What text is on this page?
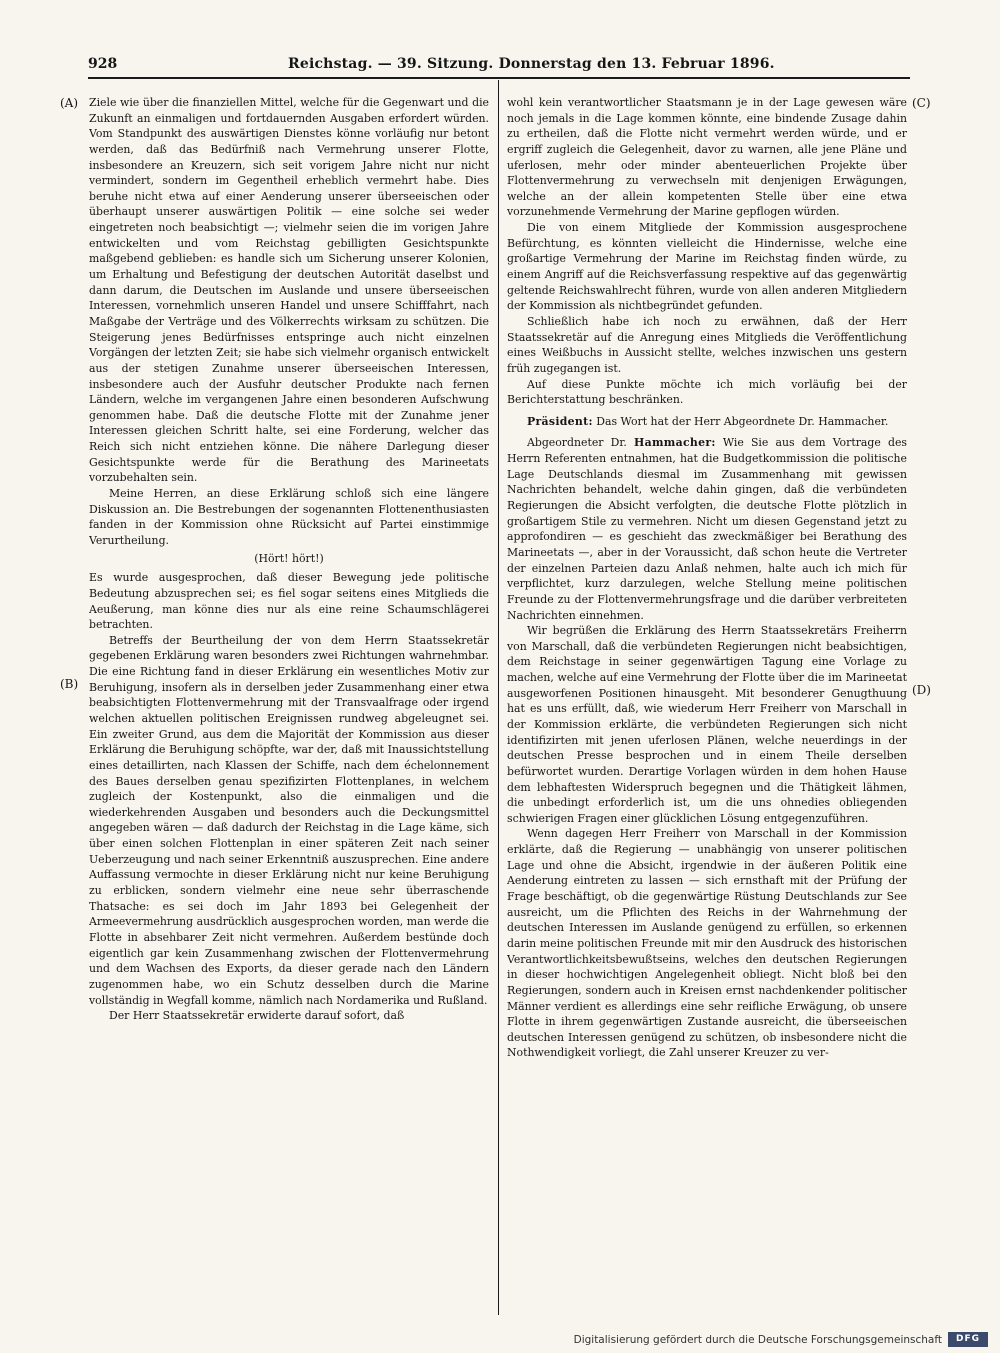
928	Reichstag. — 39. Sitzung. Donnerstag den 13. Februar 1896.
(A)
(B)
(C)
(D)

Ziele wie über die finanziellen Mittel, welche für die Gegenwart und die Zukunft an einmaligen und fortdauernden Ausgaben erfordert würden. Vom Standpunkt des auswärtigen Dienstes könne vorläufig nur betont werden, daß das Bedürfniß nach Vermehrung unserer Flotte, insbesondere an Kreuzern, sich seit vorigem Jahre nicht nur nicht vermindert, sondern im Gegentheil erheblich vermehrt habe. Dies beruhe nicht etwa auf einer Aenderung unserer überseeischen oder überhaupt unserer auswärtigen Politik — eine solche sei weder eingetreten noch beabsichtigt —; vielmehr seien die im vorigen Jahre entwickelten und vom Reichstag gebilligten Gesichtspunkte maßgebend geblieben: es handle sich um Sicherung unserer Kolonien, um Erhaltung und Befestigung der deutschen Autorität daselbst und dann darum, die Deutschen im Auslande und unsere überseeischen Interessen, vornehmlich unseren Handel und unsere Schifffahrt, nach Maßgabe der Verträge und des Völkerrechts wirksam zu schützen. Die Steigerung jenes Bedürfnisses entspringe auch nicht einzelnen Vorgängen der letzten Zeit; sie habe sich vielmehr organisch entwickelt aus der stetigen Zunahme unserer überseeischen Interessen, insbesondere auch der Ausfuhr deutscher Produkte nach fernen Ländern, welche im vergangenen Jahre einen besonderen Aufschwung genommen habe. Daß die deutsche Flotte mit der Zunahme jener Interessen gleichen Schritt halte, sei eine Forderung, welcher das Reich sich nicht entziehen könne. Die nähere Darlegung dieser Gesichtspunkte werde für die Berathung des Marineetats vorzubehalten sein.

Meine Herren, an diese Erklärung schloß sich eine längere Diskussion an. Die Bestrebungen der sogenannten Flottenenthusiasten fanden in der Kommission ohne Rücksicht auf Partei einstimmige Verurtheilung.

(Hört! hört!)

Es wurde ausgesprochen, daß dieser Bewegung jede politische Bedeutung abzusprechen sei; es fiel sogar seitens eines Mitglieds die Aeußerung, man könne dies nur als eine reine Schaumschlägerei betrachten.

Betreffs der Beurtheilung der von dem Herrn Staatssekretär gegebenen Erklärung waren besonders zwei Richtungen wahrnehmbar. Die eine Richtung fand in dieser Erklärung ein wesentliches Motiv zur Beruhigung, insofern als in derselben jeder Zusammenhang einer etwa beabsichtigten Flottenvermehrung mit der Transvaalfrage oder irgend welchen aktuellen politischen Ereignissen rundweg abgeleugnet sei. Ein zweiter Grund, aus dem die Majorität der Kommission aus dieser Erklärung die Beruhigung schöpfte, war der, daß mit Inaussichtstellung eines detaillirten, nach Klassen der Schiffe, nach dem échelonnement des Baues derselben genau spezifizirten Flottenplanes, in welchem zugleich der Kostenpunkt, also die einmaligen und die wiederkehrenden Ausgaben und besonders auch die Deckungsmittel angegeben wären — daß dadurch der Reichstag in die Lage käme, sich über einen solchen Flottenplan in einer späteren Zeit nach seiner Ueberzeugung und nach seiner Erkenntniß auszusprechen. Eine andere Auffassung vermochte in dieser Erklärung nicht nur keine Beruhigung zu erblicken, sondern vielmehr eine neue sehr überraschende Thatsache: es sei doch im Jahr 1893 bei Gelegenheit der Armeevermehrung ausdrücklich ausgesprochen worden, man werde die Flotte in absehbarer Zeit nicht vermehren. Außerdem bestünde doch eigentlich gar kein Zusammenhang zwischen der Flottenvermehrung und dem Wachsen des Exports, da dieser gerade nach den Ländern zugenommen habe, wo ein Schutz desselben durch die Marine vollständig in Wegfall komme, nämlich nach Nordamerika und Rußland.

Der Herr Staatssekretär erwiderte darauf sofort, daß

wohl kein verantwortlicher Staatsmann je in der Lage gewesen wäre noch jemals in die Lage kommen könnte, eine bindende Zusage dahin zu ertheilen, daß die Flotte nicht vermehrt werden würde, und er ergriff zugleich die Gelegenheit, davor zu warnen, alle jene Pläne und uferlosen, mehr oder minder abenteuerlichen Projekte über Flottenvermehrung zu verwechseln mit denjenigen Erwägungen, welche an der allein kompetenten Stelle über eine etwa vorzunehmende Vermehrung der Marine gepflogen würden.

Die von einem Mitgliede der Kommission ausgesprochene Befürchtung, es könnten vielleicht die Hindernisse, welche eine großartige Vermehrung der Marine im Reichstag finden würde, zu einem Angriff auf die Reichsverfassung respektive auf das gegenwärtig geltende Reichswahlrecht führen, wurde von allen anderen Mitgliedern der Kommission als nichtbegründet gefunden.

Schließlich habe ich noch zu erwähnen, daß der Herr Staatssekretär auf die Anregung eines Mitglieds die Veröffentlichung eines Weißbuchs in Aussicht stellte, welches inzwischen uns gestern früh zugegangen ist.

Auf diese Punkte möchte ich mich vorläufig bei der Berichterstattung beschränken.

Präsident: Das Wort hat der Herr Abgeordnete Dr. Hammacher.

Abgeordneter Dr. Hammacher: Wie Sie aus dem Vortrage des Herrn Referenten entnahmen, hat die Budgetkommission die politische Lage Deutschlands diesmal im Zusammenhang mit gewissen Nachrichten behandelt, welche dahin gingen, daß die verbündeten Regierungen die Absicht verfolgten, die deutsche Flotte plötzlich in großartigem Stile zu vermehren. Nicht um diesen Gegenstand jetzt zu approfondiren — es geschieht das zweckmäßiger bei Berathung des Marineetats —, aber in der Voraussicht, daß schon heute die Vertreter der einzelnen Parteien dazu Anlaß nehmen, halte auch ich mich für verpflichtet, kurz darzulegen, welche Stellung meine politischen Freunde zu der Flottenvermehrungsfrage und die darüber verbreiteten Nachrichten einnehmen.

Wir begrüßen die Erklärung des Herrn Staatssekretärs Freiherrn von Marschall, daß die verbündeten Regierungen nicht beabsichtigen, dem Reichstage in seiner gegenwärtigen Tagung eine Vorlage zu machen, welche auf eine Vermehrung der Flotte über die im Marineetat ausgeworfenen Positionen hinausgeht. Mit besonderer Genugthuung hat es uns erfüllt, daß, wie wiederum Herr Freiherr von Marschall in der Kommission erklärte, die verbündeten Regierungen sich nicht identifizirten mit jenen uferlosen Plänen, welche neuerdings in der deutschen Presse besprochen und in einem Theile derselben befürwortet wurden. Derartige Vorlagen würden in dem hohen Hause dem lebhaftesten Widerspruch begegnen und die Thätigkeit lähmen, die unbedingt erforderlich ist, um die uns ohnedies obliegenden schwierigen Fragen einer glücklichen Lösung entgegenzuführen.

Wenn dagegen Herr Freiherr von Marschall in der Kommission erklärte, daß die Regierung — unabhängig von unserer politischen Lage und ohne die Absicht, irgendwie in der äußeren Politik eine Aenderung eintreten zu lassen — sich ernsthaft mit der Prüfung der Frage beschäftigt, ob die gegenwärtige Rüstung Deutschlands zur See ausreicht, um die Pflichten des Reichs in der Wahrnehmung der deutschen Interessen im Auslande genügend zu erfüllen, so erkennen darin meine politischen Freunde mit mir den Ausdruck des historischen Verantwortlichkeitsbewußtseins, welches den deutschen Regierungen in dieser hochwichtigen Angelegenheit obliegt. Nicht bloß bei den Regierungen, sondern auch in Kreisen ernst nachdenkender politischer Männer verdient es allerdings eine sehr reifliche Erwägung, ob unsere Flotte in ihrem gegenwärtigen Zustande ausreicht, die überseeischen deutschen Interessen genügend zu schützen, ob insbesondere nicht die Nothwendigkeit vorliegt, die Zahl unserer Kreuzer zu ver-

Digitalisierung gefördert durch die Deutsche Forschungsgemeinschaft	DFG
